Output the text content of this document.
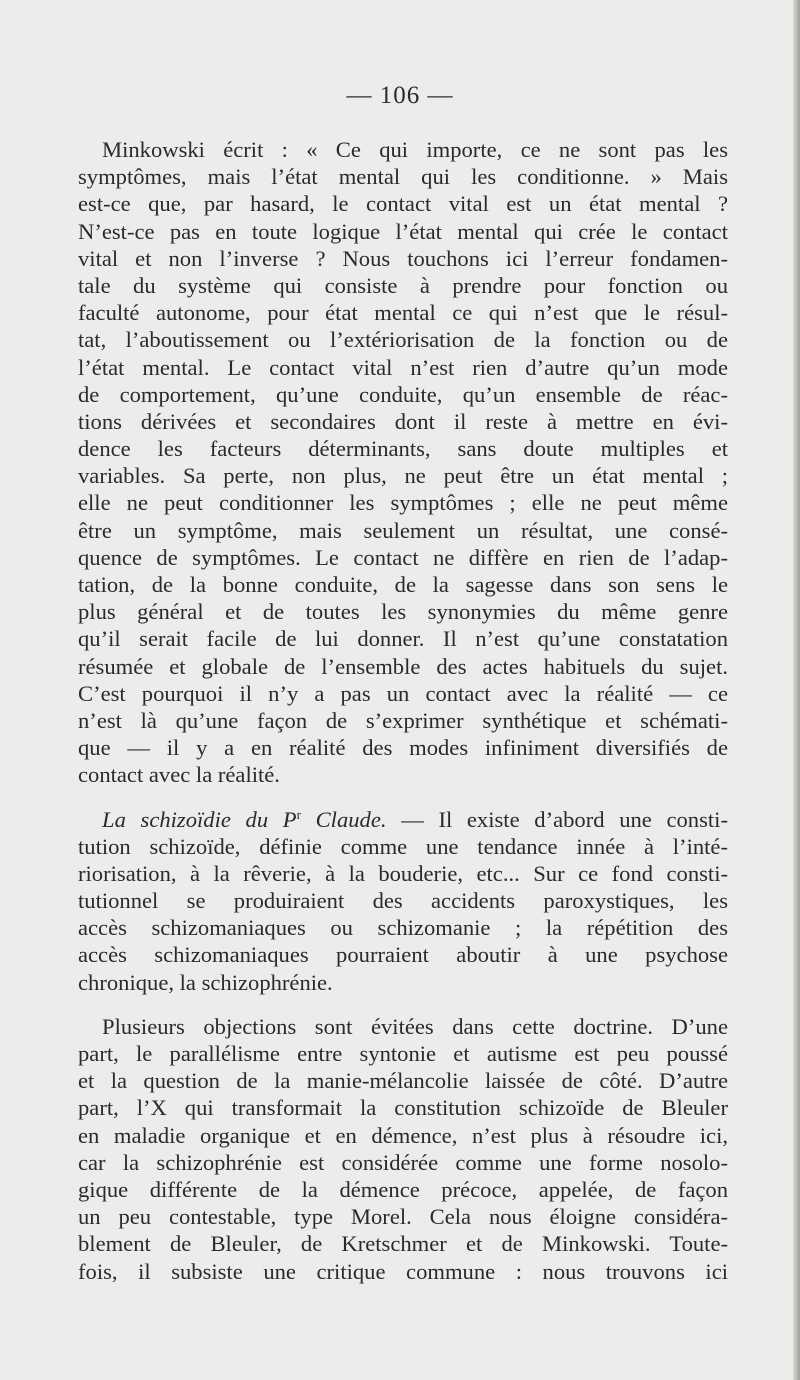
— 106 —
Minkowski écrit : « Ce qui importe, ce ne sont pas les
symptômes, mais l’état mental qui les conditionne. » Mais
est-ce que, par hasard, le contact vital est un état mental ?
N’est-ce pas en toute logique l’état mental qui crée le contact
vital et non l’inverse ? Nous touchons ici l’erreur fondamen-
tale du système qui consiste à prendre pour fonction ou
faculté autonome, pour état mental ce qui n’est que le résul-
tat, l’aboutissement ou l’extériorisation de la fonction ou de
l’état mental. Le contact vital n’est rien d’autre qu’un mode
de comportement, qu’une conduite, qu’un ensemble de réac-
tions dérivées et secondaires dont il reste à mettre en évi-
dence les facteurs déterminants, sans doute multiples et
variables. Sa perte, non plus, ne peut être un état mental ;
elle ne peut conditionner les symptômes ; elle ne peut même
être un symptôme, mais seulement un résultat, une consé-
quence de symptômes. Le contact ne diffère en rien de l’adap-
tation, de la bonne conduite, de la sagesse dans son sens le
plus général et de toutes les synonymies du même genre
qu’il serait facile de lui donner. Il n’est qu’une constatation
résumée et globale de l’ensemble des actes habituels du sujet.
C’est pourquoi il n’y a pas un contact avec la réalité — ce
n’est là qu’une façon de s’exprimer synthétique et schémati-
que — il y a en réalité des modes infiniment diversifiés de
contact avec la réalité.
La schizoïdie du $P^r$ Claude. — Il existe d’abord une consti-
tution schizoïde, définie comme une tendance innée à l’inté-
riorisation, à la rêverie, à la bouderie, etc... Sur ce fond consti-
tutionnel se produiraient des accidents paroxystiques, les
accès schizomaniaques ou schizomanie ; la répétition des
accès schizomaniaques pourraient aboutir à une psychose
chronique, la schizophrénie.
Plusieurs objections sont évitées dans cette doctrine. D’une
part, le parallélisme entre syntonie et autisme est peu poussé
et la question de la manie-mélancolie laissée de côté. D’autre
part, l’X qui transformait la constitution schizoïde de Bleuler
en maladie organique et en démence, n’est plus à résoudre ici,
car la schizophrénie est considérée comme une forme nosolo-
gique différente de la démence précoce, appelée, de façon
un peu contestable, type Morel. Cela nous éloigne considéra-
blement de Bleuler, de Kretschmer et de Minkowski. Toute-
fois, il subsiste une critique commune : nous trouvons ici
